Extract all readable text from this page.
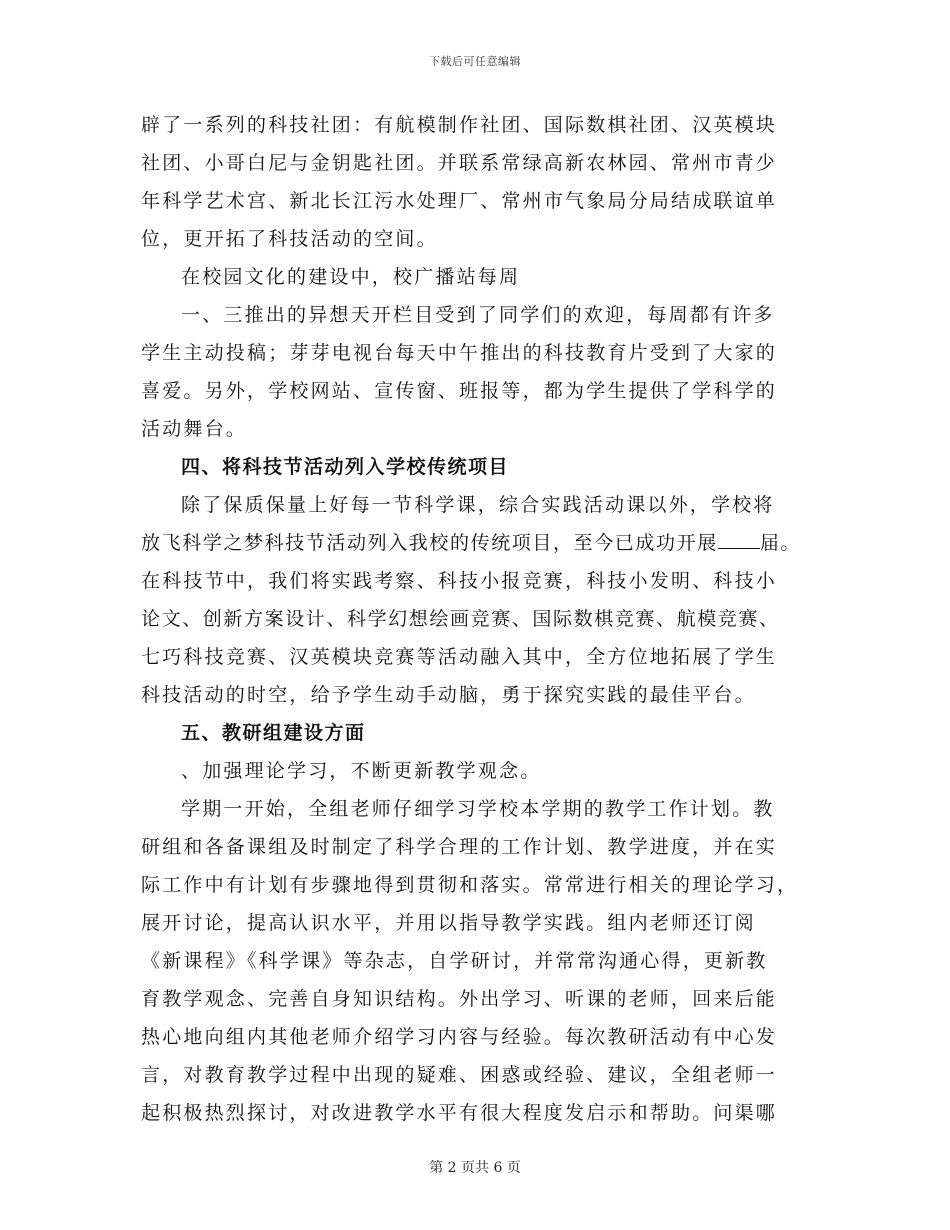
下载后可任意编辑
辟了一系列的科技社团：有航模制作社团、国际数棋社团、汉英模块
社团、小哥白尼与金钥匙社团。并联系常绿高新农林园、常州市青少
年科学艺术宫、新北长江污水处理厂、常州市气象局分局结成联谊单
位，更开拓了科技活动的空间。
在校园文化的建设中，校广播站每周
一、三推出的异想天开栏目受到了同学们的欢迎，每周都有许多
学生主动投稿；芽芽电视台每天中午推出的科技教育片受到了大家的
喜爱。另外，学校网站、宣传窗、班报等，都为学生提供了学科学的
活动舞台。
四、将科技节活动列入学校传统项目
除了保质保量上好每一节科学课，综合实践活动课以外，学校将
放飞科学之梦科技节活动列入我校的传统项目，至今已成功开展 届。
在科技节中，我们将实践考察、科技小报竞赛，科技小发明、科技小
论文、创新方案设计、科学幻想绘画竞赛、国际数棋竞赛、航模竞赛、
七巧科技竞赛、汉英模块竞赛等活动融入其中，全方位地拓展了学生
科技活动的时空，给予学生动手动脑，勇于探究实践的最佳平台。
五、教研组建设方面
、加强理论学习，不断更新教学观念。
学期一开始，全组老师仔细学习学校本学期的教学工作计划。教
研组和各备课组及时制定了科学合理的工作计划、教学进度，并在实
际工作中有计划有步骤地得到贯彻和落实。常常进行相关的理论学习，
展开讨论，提高认识水平，并用以指导教学实践。组内老师还订阅
《新课程》《科学课》等杂志，自学研讨，并常常沟通心得，更新教
育教学观念、完善自身知识结构。外出学习、听课的老师，回来后能
热心地向组内其他老师介绍学习内容与经验。每次教研活动有中心发
言，对教育教学过程中出现的疑难、困惑或经验、建议，全组老师一
起积极热烈探讨，对改进教学水平有很大程度发启示和帮助。问渠哪
第 2 页共 6 页
